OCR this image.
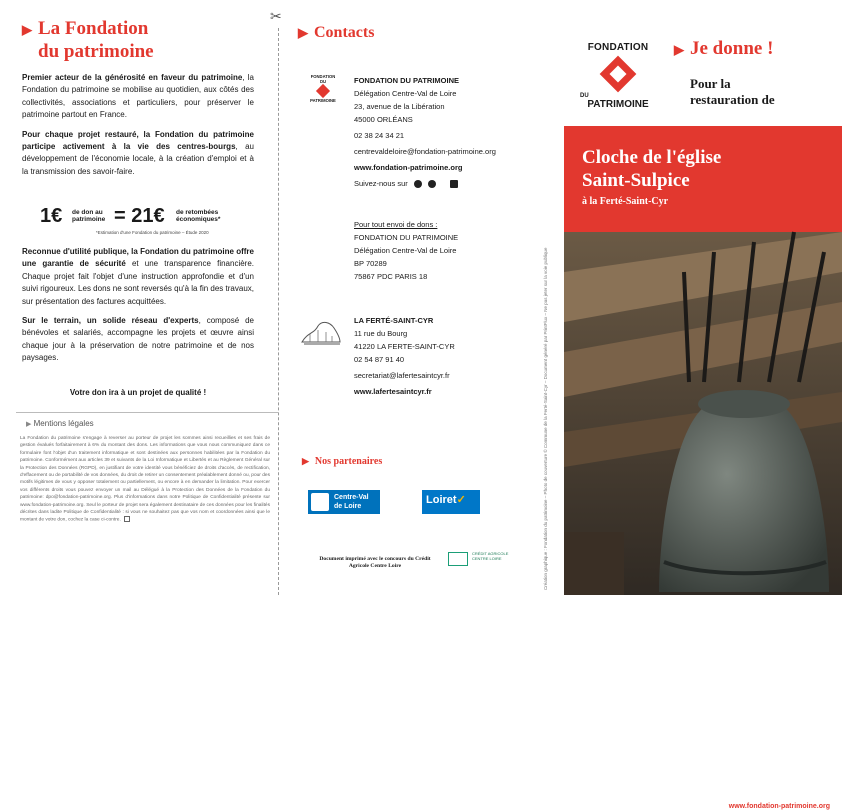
✂
▶ La Fondation
du patrimoine

Premier acteur de la générosité en faveur du patrimoine, la Fondation du patrimoine se mobilise au quotidien, aux côtés des collectivités, associations et particuliers, pour préserver le patrimoine partout en France.

Pour chaque projet restauré, la Fondation du patrimoine participe activement à la vie des centres-bourgs, au développement de l'économie locale, à la création d'emploi et à la transmission des savoir-faire.

1€ de don au patrimoine = 21€ de retombées économiques*
*Estimation d'une Fondation du patrimoine – Étude 2020

Reconnue d'utilité publique, la Fondation du patrimoine offre une garantie de sécurité et une transparence financière. Chaque projet fait l'objet d'une instruction approfondie et d'un suivi rigoureux. Les dons ne sont reversés qu'à la fin des travaux, sur présentation des factures acquittées.

Sur le terrain, un solide réseau d'experts, composé de bénévoles et salariés, accompagne les projets et œuvre ainsi chaque jour à la préservation de notre patrimoine et de nos paysages.

Votre don ira à un projet de qualité !
▶ Mentions légales
La Fondation du patrimoine s'engage à reverser au porteur de projet les sommes ainsi recueillies et ses frais de gestion évalués forfaitairement à 6% du montant des dons. Les informations que vous nous communiquez dans ce formulaire font l'objet d'un traitement informatique et sont destinées aux personnes habilitées par la Fondation du patrimoine. Conformément aux articles 39 et suivants de la Loi Informatique et Libertés et au Règlement Général sur la Protection des Données (RGPD), en justifiant de votre identité vous bénéficiez de droits d'accès, de rectification, d'effacement ou de portabilité de vos données, du droit de retirer un consentement préalablement donné ou, pour des motifs légitimes de vous y opposer totalement ou partiellement, ou encore à en demander la limitation. Pour exercer vos différents droits vous pouvez envoyer un mail au Délégué à la Protection des Données de la Fondation du patrimoine: dpo@fondation-patrimoine.org. Plus d'informations dans notre Politique de Confidentialité présente sur www.fondation-patrimoine.org. Seul le porteur de projet sera également destinataire de ces données pour les finalités décrites dans ladite Politique de Confidentialité : si vous ne souhaitez pas que vos nom et coordonnées ainsi que le montant de votre don, cochez la case ci-contre.
▶ Contacts
FONDATION DU
PATRIMOINE
FONDATION DU PATRIMOINE
Délégation Centre-Val de Loire
23, avenue de la Libération
45000 ORLÉANS
02 38 24 34 21
centrevaldeloire@fondation-patrimoine.org
www.fondation-patrimoine.org
Suivez-nous sur
Pour tout envoi de dons :
FONDATION DU PATRIMOINE
Délégation Centre-Val de Loire
BP 70289
75867 PDC PARIS 18
LA FERTÉ-SAINT-CYR
11 rue du Bourg
41220 LA FERTE-SAINT-CYR
02 54 87 91 40
secretariat@lafertesaintcyr.fr
www.lafertesaintcyr.fr
▶ Nos partenaires
Centre-Val de Loire
Loiret✓
Document imprimé avec le concours du Crédit Agricole Centre Loire
CRÉDIT AGRICOLE CENTRE LOIRE	Création graphique : Fondation du patrimoine – Photo de couverture © Commune de la Ferté-Saint-Cyr – Document généré par PrintFlux – Ne pas jeter sur la voie publique
FONDATION
DU
PATRIMOINE
▶ Je donne !
Pour la
restauration de
Cloche de l'église
Saint-Sulpice
à la Ferté-Saint-Cyr
Retrouvez
tous les projets sur
www.fondation-patrimoine.org
